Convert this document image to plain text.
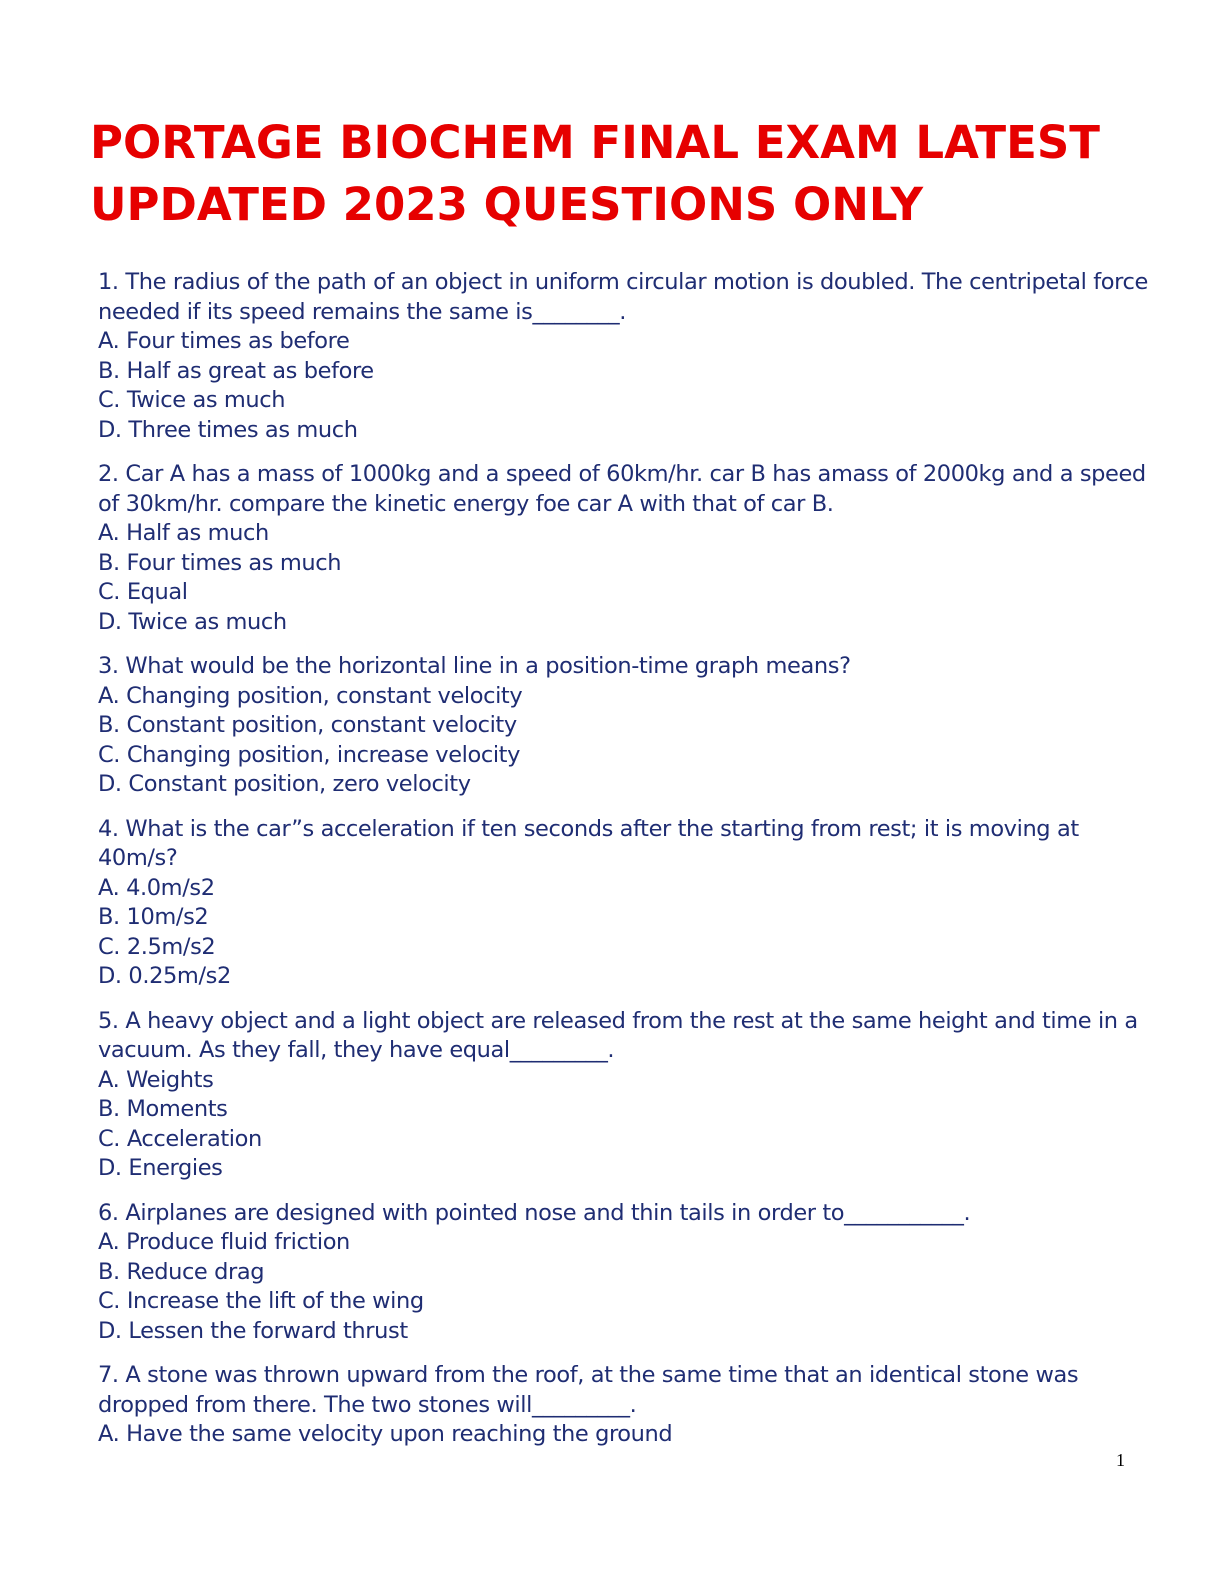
PORTAGE BIOCHEM FINAL EXAM LATEST
UPDATED 2023 QUESTIONS ONLY
1. The radius of the path of an object in uniform circular motion is doubled. The centripetal force needed if its speed remains the same is________.
A. Four times as before
B. Half as great as before
C. Twice as much
D. Three times as much
2. Car A has a mass of 1000kg and a speed of 60km/hr. car B has amass of 2000kg and a speed of 30km/hr. compare the kinetic energy foe car A with that of car B.
A. Half as much
B. Four times as much
C. Equal
D. Twice as much
3. What would be the horizontal line in a position-time graph means?
A. Changing position, constant velocity
B. Constant position, constant velocity
C. Changing position, increase velocity
D. Constant position, zero velocity
4. What is the car”s acceleration if ten seconds after the starting from rest; it is moving at 40m/s?
A. 4.0m/s2
B. 10m/s2
C. 2.5m/s2
D. 0.25m/s2
5. A heavy object and a light object are released from the rest at the same height and time in a vacuum. As they fall, they have equal_________.
A. Weights
B. Moments
C. Acceleration
D. Energies
6. Airplanes are designed with pointed nose and thin tails in order to___________.
A. Produce fluid friction
B. Reduce drag
C. Increase the lift of the wing
D. Lessen the forward thrust
7. A stone was thrown upward from the roof, at the same time that an identical stone was dropped from there. The two stones will_________.
A. Have the same velocity upon reaching the ground
1
